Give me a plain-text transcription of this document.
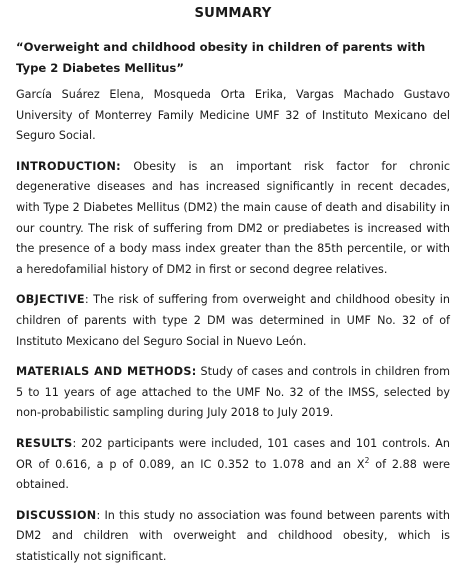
SUMMARY
“Overweight and childhood obesity in children of parents with Type 2 Diabetes Mellitus”

García Suárez Elena, Mosqueda Orta Erika, Vargas Machado Gustavo University of Monterrey Family Medicine UMF 32 of Instituto Mexicano del Seguro Social.

INTRODUCTION: Obesity is an important risk factor for chronic degenerative diseases and has increased significantly in recent decades, with Type 2 Diabetes Mellitus (DM2) the main cause of death and disability in our country. The risk of suffering from DM2 or prediabetes is increased with the presence of a body mass index greater than the 85th percentile, or with a heredofamilial history of DM2 in first or second degree relatives.

OBJECTIVE: The risk of suffering from overweight and childhood obesity in children of parents with type 2 DM was determined in UMF No. 32 of of Instituto Mexicano del Seguro Social in Nuevo León.

MATERIALS AND METHODS: Study of cases and controls in children from 5 to 11 years of age attached to the UMF No. 32 of the IMSS, selected by non-probabilistic sampling during July 2018 to July 2019.

RESULTS: 202 participants were included, 101 cases and 101 controls. An OR of 0.616, a p of 0.089, an IC 0.352 to 1.078 and an $X^2$ of 2.88 were obtained.

DISCUSSION: In this study no association was found between parents with DM2 and children with overweight and childhood obesity, which is statistically not significant.
